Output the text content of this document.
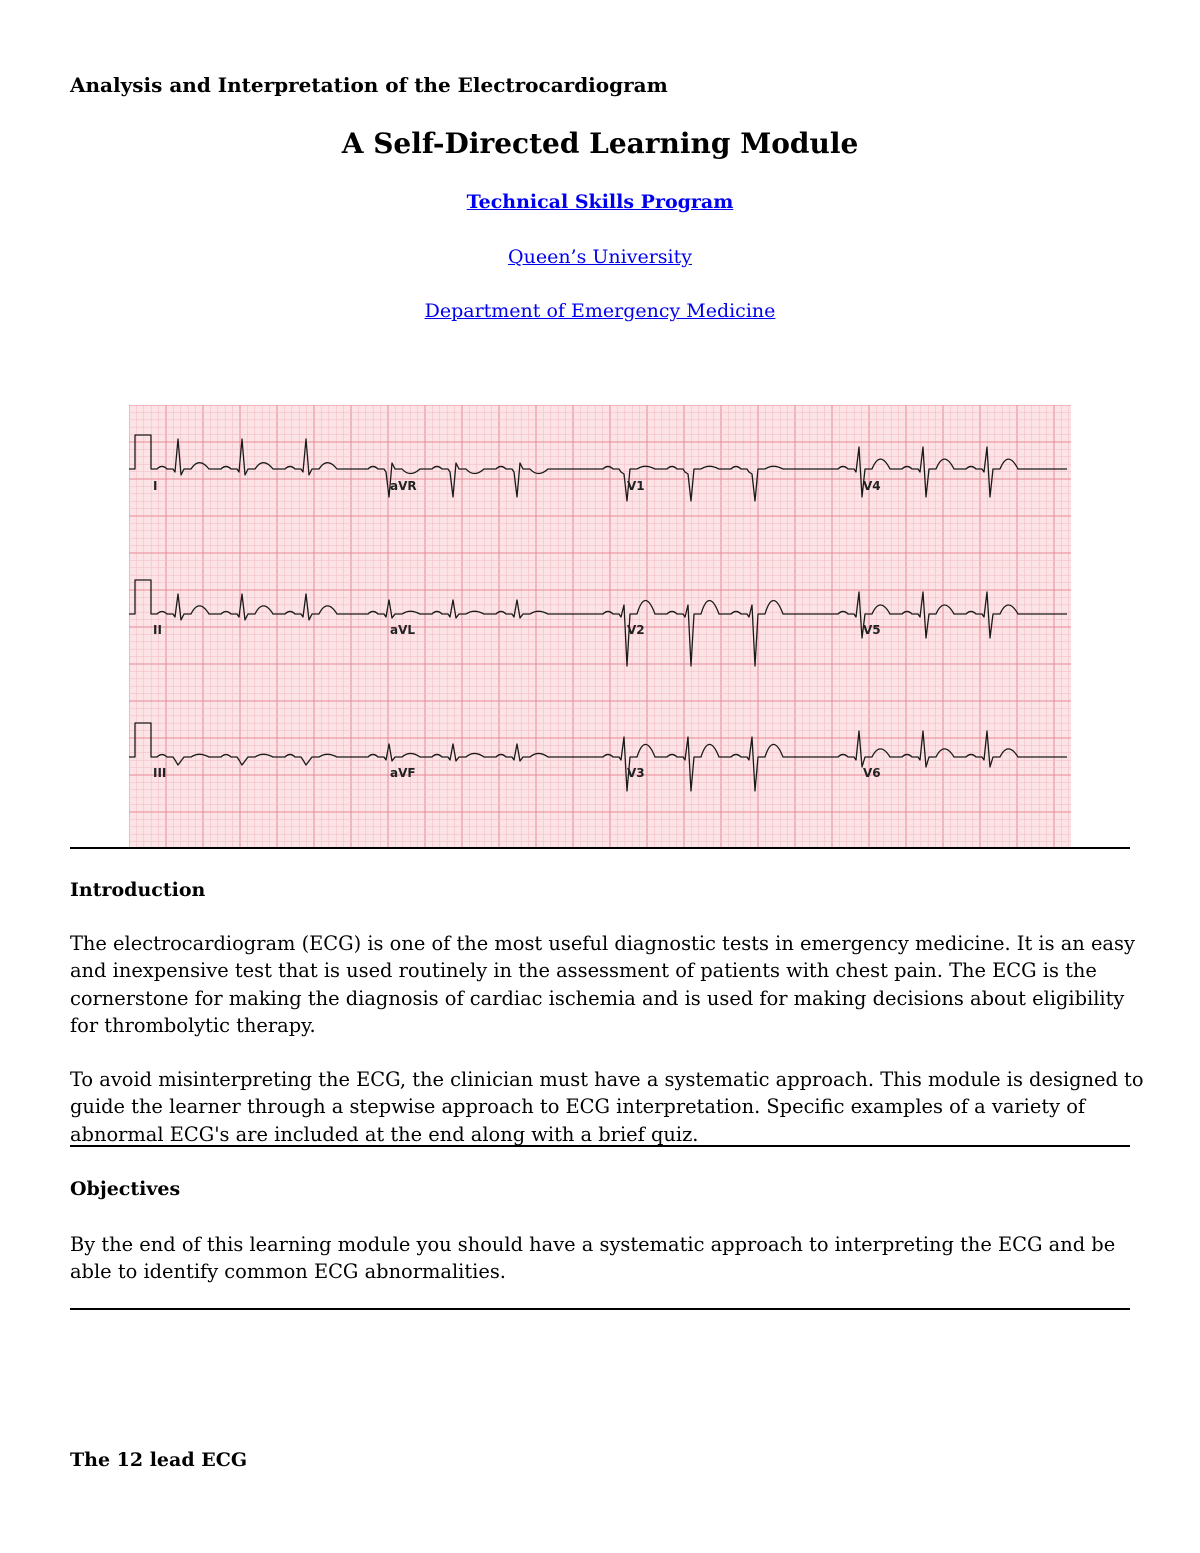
Analysis and Interpretation of the Electrocardiogram
A Self-Directed Learning Module
Technical Skills Program
Queen’s University
Department of Emergency Medicine
I	aVR	V1	V4
II	aVL	V2	V5
III	aVF	V3	V6
Introduction
The electrocardiogram (ECG) is one of the most useful diagnostic tests in emergency medicine. It is an easy and inexpensive test that is used routinely in the assessment of patients with chest pain. The ECG is the cornerstone for making the diagnosis of cardiac ischemia and is used for making decisions about eligibility for thrombolytic therapy.
To avoid misinterpreting the ECG, the clinician must have a systematic approach. This module is designed to guide the learner through a stepwise approach to ECG interpretation. Specific examples of a variety of abnormal ECG's are included at the end along with a brief quiz.
Objectives
By the end of this learning module you should have a systematic approach to interpreting the ECG and be able to identify common ECG abnormalities.
The 12 lead ECG
